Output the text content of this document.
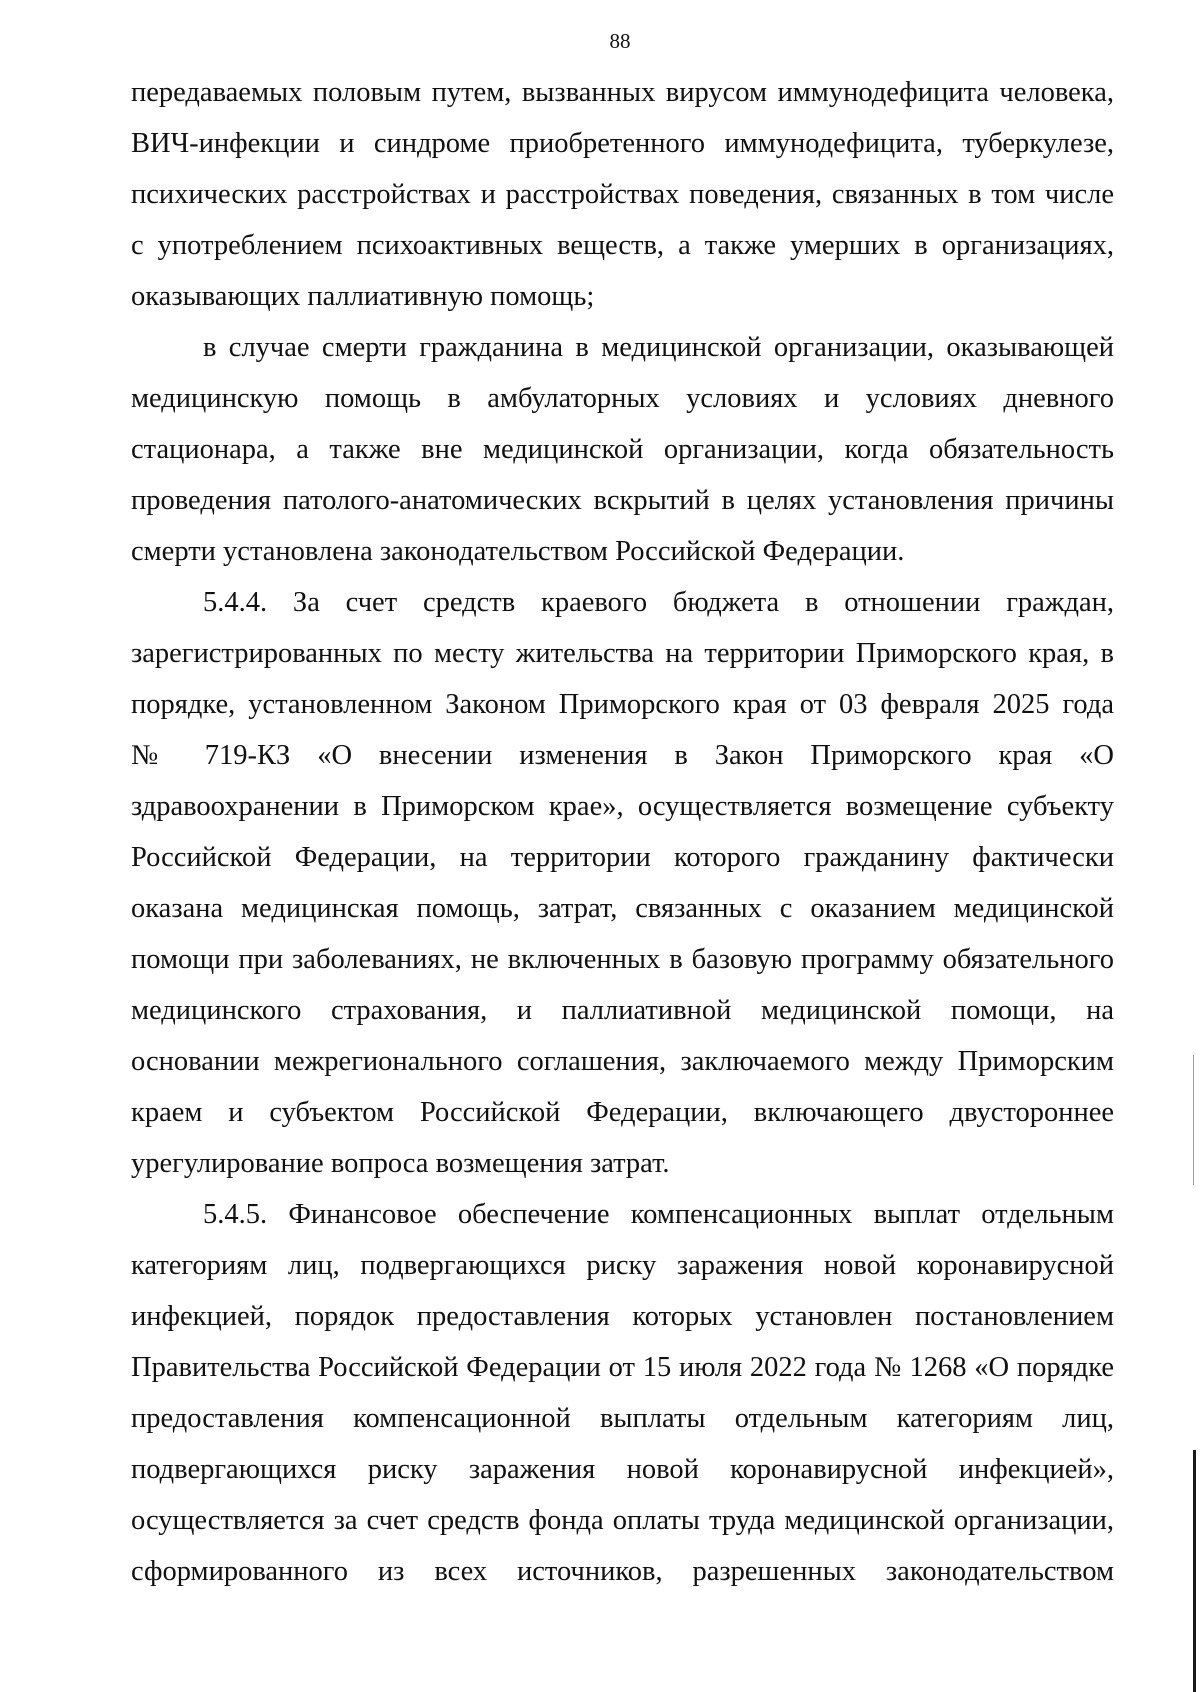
88
передаваемых половым путем, вызванных вирусом иммунодефицита человека,
ВИЧ-инфекции и синдроме приобретенного иммунодефицита, туберкулезе,
психических расстройствах и расстройствах поведения, связанных в том числе
с употреблением психоактивных веществ, а также умерших в организациях,
оказывающих паллиативную помощь;
в случае смерти гражданина в медицинской организации, оказывающей
медицинскую помощь в амбулаторных условиях и условиях дневного
стационара, а также вне медицинской организации, когда обязательность
проведения патолого-анатомических вскрытий в целях установления причины
смерти установлена законодательством Российской Федерации.
5.4.4. За счет средств краевого бюджета в отношении граждан,
зарегистрированных по месту жительства на территории Приморского края, в
порядке, установленном Законом Приморского края от 03 февраля 2025 года
№ 719-КЗ «О внесении изменения в Закон Приморского края «О
здравоохранении в Приморском крае», осуществляется возмещение субъекту
Российской Федерации, на территории которого гражданину фактически
оказана медицинская помощь, затрат, связанных с оказанием медицинской
помощи при заболеваниях, не включенных в базовую программу обязательного
медицинского страхования, и паллиативной медицинской помощи, на
основании межрегионального соглашения, заключаемого между Приморским
краем и субъектом Российской Федерации, включающего двустороннее
урегулирование вопроса возмещения затрат.
5.4.5. Финансовое обеспечение компенсационных выплат отдельным
категориям лиц, подвергающихся риску заражения новой коронавирусной
инфекцией, порядок предоставления которых установлен постановлением
Правительства Российской Федерации от 15 июля 2022 года № 1268 «О порядке
предоставления компенсационной выплаты отдельным категориям лиц,
подвергающихся риску заражения новой коронавирусной инфекцией»,
осуществляется за счет средств фонда оплаты труда медицинской организации,
сформированного из всех источников, разрешенных законодательством
